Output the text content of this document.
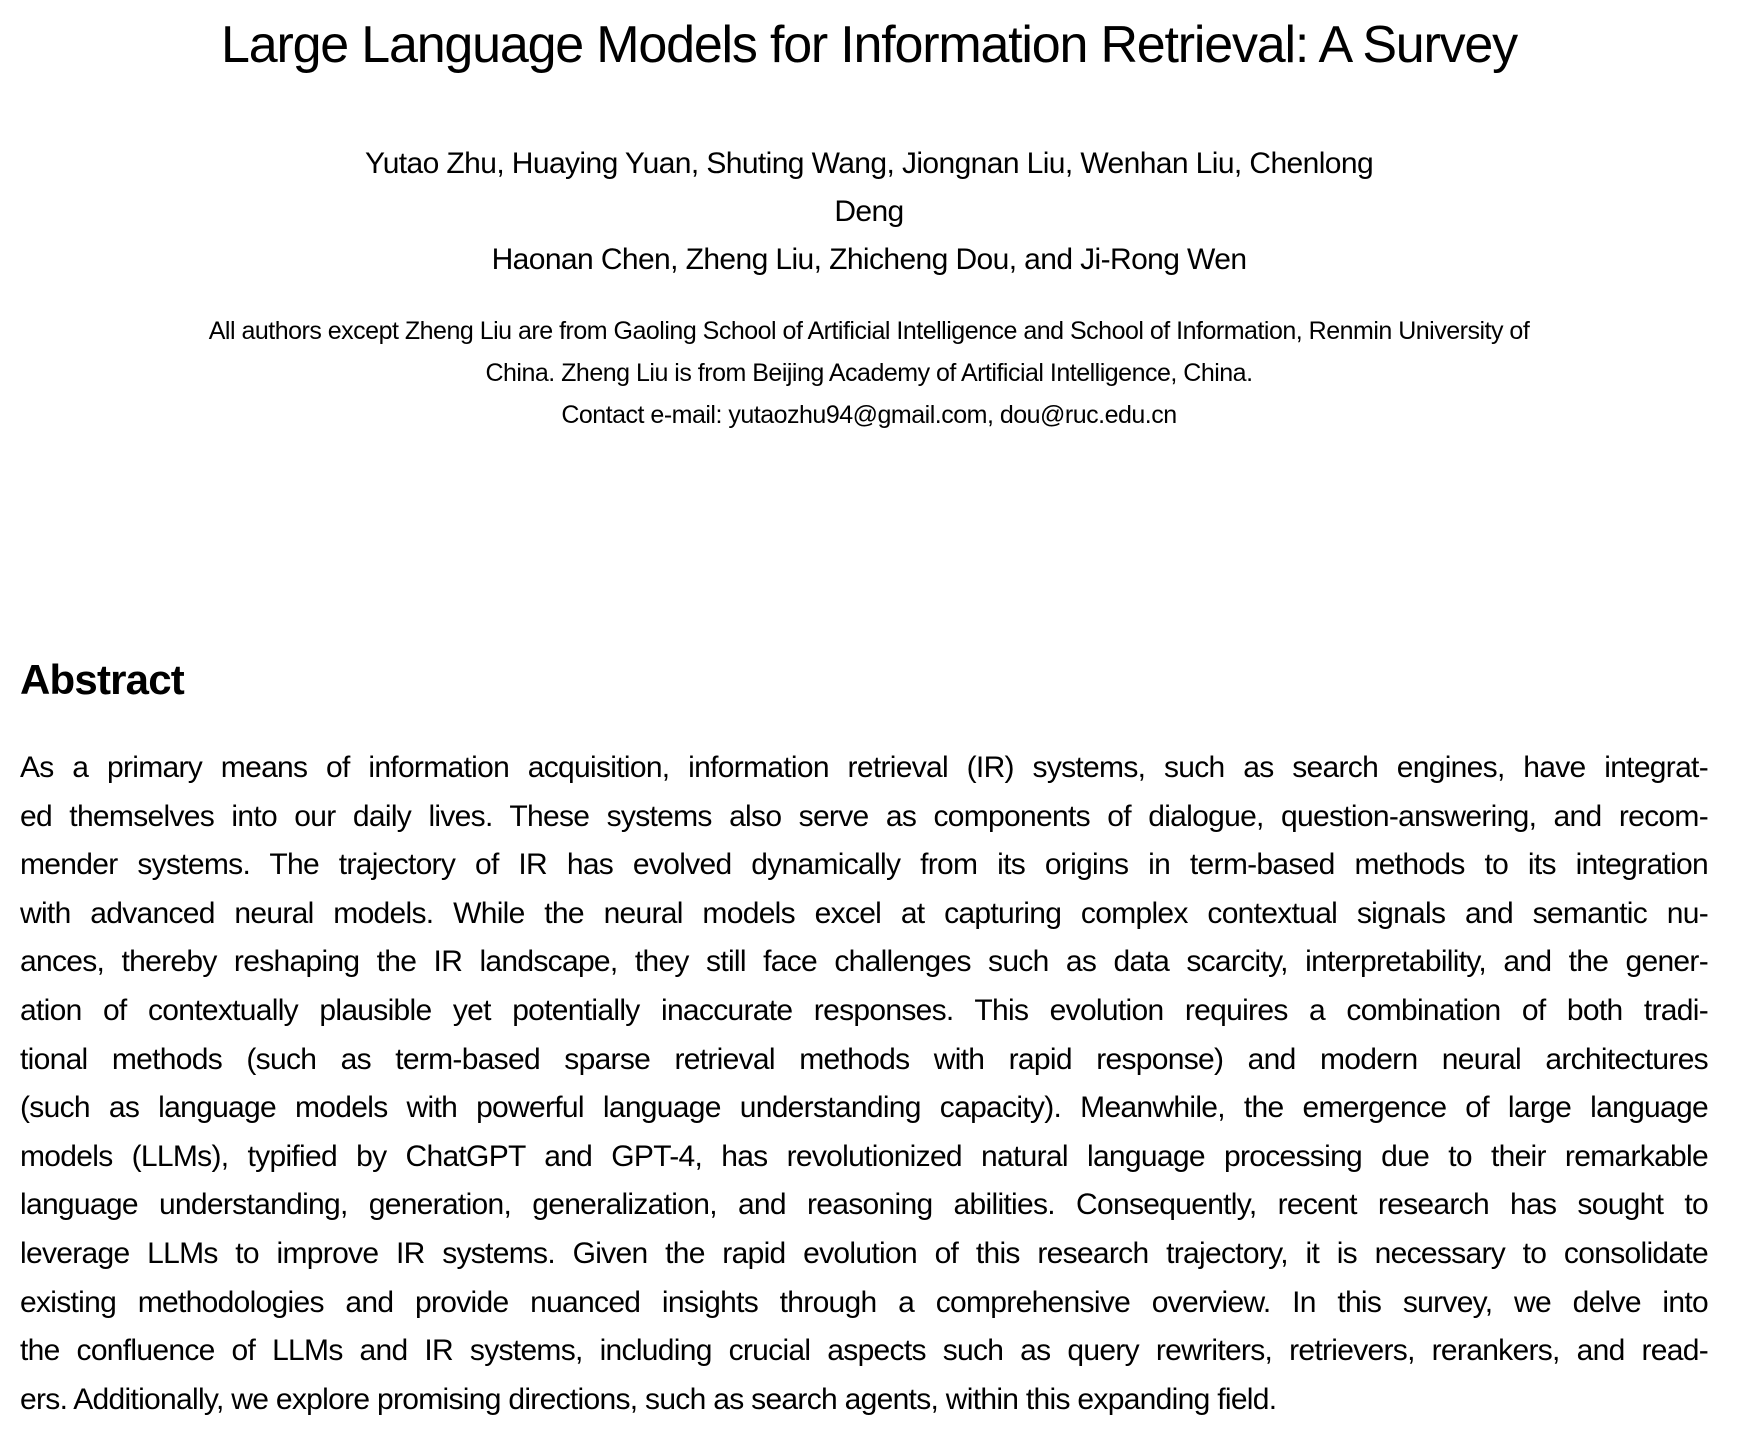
Large Language Models for Information Retrieval: A Survey
Yutao Zhu, Huaying Yuan, Shuting Wang, Jiongnan Liu, Wenhan Liu, Chenlong
Deng
Haonan Chen, Zheng Liu, Zhicheng Dou, and Ji-Rong Wen
All authors except Zheng Liu are from Gaoling School of Artificial Intelligence and School of Information, Renmin University of
China. Zheng Liu is from Beijing Academy of Artificial Intelligence, China.
Contact e-mail: yutaozhu94@gmail.com, dou@ruc.edu.cn
Abstract
As a primary means of information acquisition, information retrieval (IR) systems, such as search engines, have integrat-
ed themselves into our daily lives. These systems also serve as components of dialogue, question-answering, and recom-
mender systems. The trajectory of IR has evolved dynamically from its origins in term-based methods to its integration
with advanced neural models. While the neural models excel at capturing complex contextual signals and semantic nu-
ances, thereby reshaping the IR landscape, they still face challenges such as data scarcity, interpretability, and the gener-
ation of contextually plausible yet potentially inaccurate responses. This evolution requires a combination of both tradi-
tional methods (such as term-based sparse retrieval methods with rapid response) and modern neural architectures
(such as language models with powerful language understanding capacity). Meanwhile, the emergence of large language
models (LLMs), typified by ChatGPT and GPT-4, has revolutionized natural language processing due to their remarkable
language understanding, generation, generalization, and reasoning abilities. Consequently, recent research has sought to
leverage LLMs to improve IR systems. Given the rapid evolution of this research trajectory, it is necessary to consolidate
existing methodologies and provide nuanced insights through a comprehensive overview. In this survey, we delve into
the confluence of LLMs and IR systems, including crucial aspects such as query rewriters, retrievers, rerankers, and read-
ers. Additionally, we explore promising directions, such as search agents, within this expanding field.
